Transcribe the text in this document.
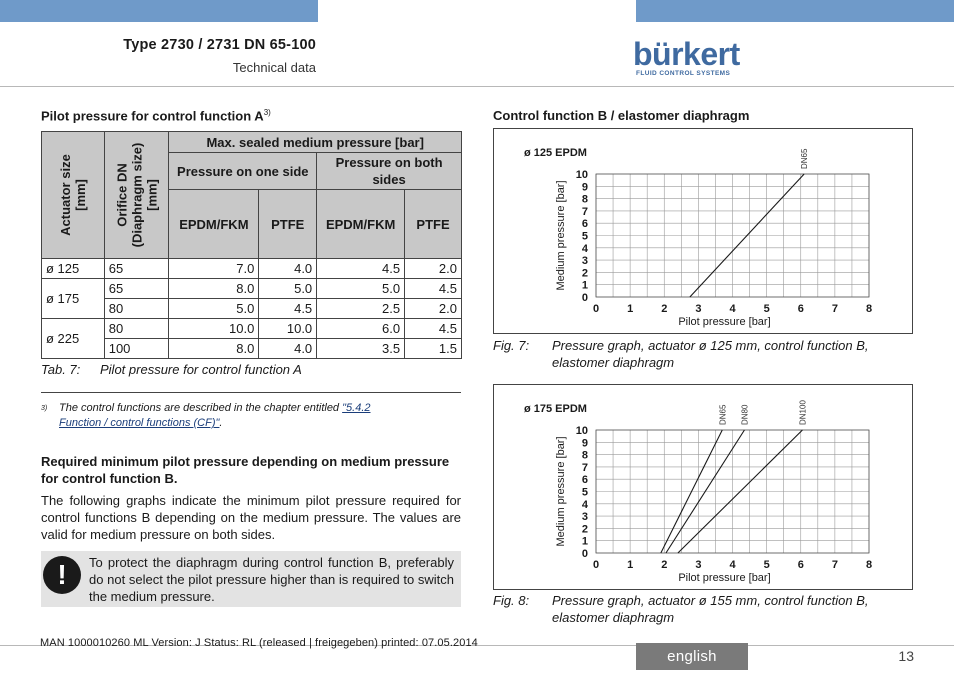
Type 2730 / 2731 DN 65-100
Technical data	bürkert
FLUID CONTROL SYSTEMS
Pilot pressure for control function $A^{3)}$
Actuator size [mm]	Orifice DN (Diaphragm size) [mm]	Max. sealed medium pressure [bar]			
		Pressure on one side		Pressure on both sides	
		EPDM/FKM	PTFE	EPDM/FKM	PTFE
ø 125	65	7.0	4.0	4.5	2.0
ø 175	65	8.0	5.0	5.0	4.5
	80	5.0	4.5	2.5	2.0
ø 225	80	10.0	10.0	6.0	4.5
	100	8.0	4.0	3.5	1.5
Tab. 7: Pilot pressure for control function A
3) The control functions are described in the chapter entitled "5.4.2
Function / control functions (CF)".
Required minimum pilot pressure depending on medium pressure for control function B.
The following graphs indicate the minimum pilot pressure required for control functions B depending on the medium pressure. The values are valid for medium pressure on both sides.
!	To protect the diaphragm during control function B, preferably do not select the pilot pressure higher than is required to switch the medium pressure.
Control function B / elastomer diaphragm
ø 125 EPDM
0
1
2
3
4
5
6
7
8
9
10
0	1	2	3	4	5	6	7	8
Pilot pressure [bar]
Medium pressure [bar]
DN65
Fig. 7: Pressure graph, actuator ø 125 mm, control function B, elastomer diaphragm
ø 175 EPDM
0
1
2
3
4
5
6
7
8
9
10
0	1	2	3	4	5	6	7	8
Pilot pressure [bar]
Medium pressure [bar]
DN65 DN80	DN100
Fig. 8: Pressure graph, actuator ø 155 mm, control function B, elastomer diaphragm
MAN 1000010260 ML Version: J Status: RL (released | freigegeben) printed: 07.05.2014
english	13
